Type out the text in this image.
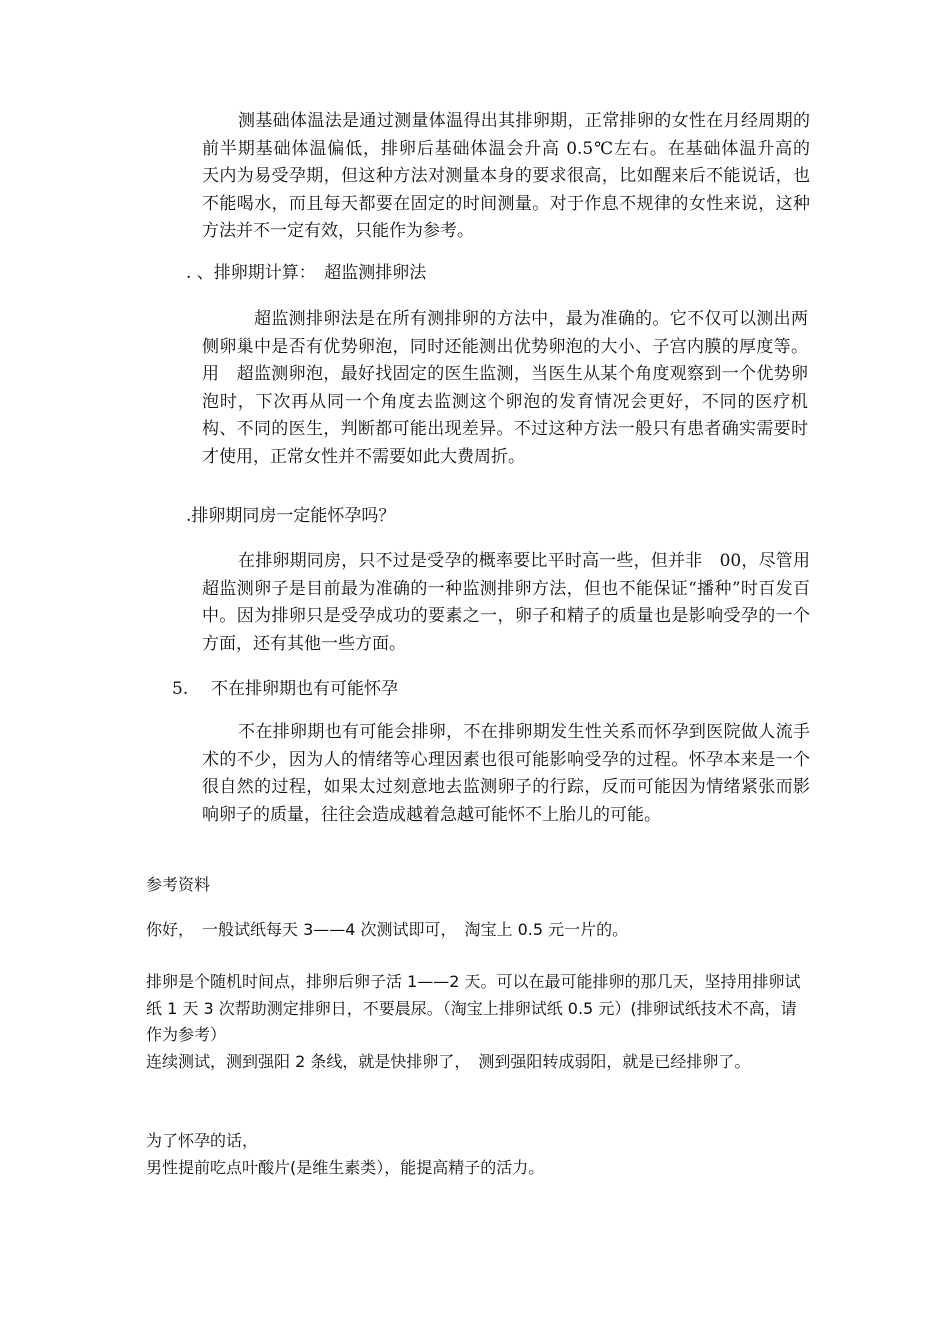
测基础体温法是通过测量体温得出其排卵期，正常排卵的女性在月经周期的前半期基础体温偏低，排卵后基础体温会升高 0.5℃左右。在基础体温升高的　天内为易受孕期，但这种方法对测量本身的要求很高，比如醒来后不能说话，也不能喝水，而且每天都要在固定的时间测量。对于作息不规律的女性来说，这种方法并不一定有效，只能作为参考。

. 、排卵期计算：　超监测排卵法

超监测排卵法是在所有测排卵的方法中，最为准确的。它不仅可以测出两侧卵巢中是否有优势卵泡，同时还能测出优势卵泡的大小、子宫内膜的厚度等。用　超监测卵泡，最好找固定的医生监测，当医生从某个角度观察到一个优势卵泡时，下次再从同一个角度去监测这个卵泡的发育情况会更好，不同的医疗机构、不同的医生，判断都可能出现差异。不过这种方法一般只有患者确实需要时才使用，正常女性并不需要如此大费周折。

.排卵期同房一定能怀孕吗？

在排卵期同房，只不过是受孕的概率要比平时高一些，但并非　00，尽管用　超监测卵子是目前最为准确的一种监测排卵方法，但也不能保证“播种”时百发百中。因为排卵只是受孕成功的要素之一，卵子和精子的质量也是影响受孕的一个方面，还有其他一些方面。

5. 不在排卵期也有可能怀孕

不在排卵期也有可能会排卵，不在排卵期发生性关系而怀孕到医院做人流手术的不少，因为人的情绪等心理因素也很可能影响受孕的过程。怀孕本来是一个很自然的过程，如果太过刻意地去监测卵子的行踪，反而可能因为情绪紧张而影响卵子的质量，往往会造成越着急越可能怀不上胎儿的可能。

参考资料

你好，　一般试纸每天 3——4 次测试即可，　淘宝上 0.5 元一片的。

排卵是个随机时间点，排卵后卵子活 1——2 天。可以在最可能排卵的那几天，坚持用排卵试纸 1 天 3 次帮助测定排卵日，不要晨尿。（淘宝上排卵试纸 0.5 元）(排卵试纸技术不高，请作为参考）

连续测试，测到强阳 2 条线，就是快排卵了，　测到强阳转成弱阳，就是已经排卵了。

为了怀孕的话，

男性提前吃点叶酸片(是维生素类），能提高精子的活力。
